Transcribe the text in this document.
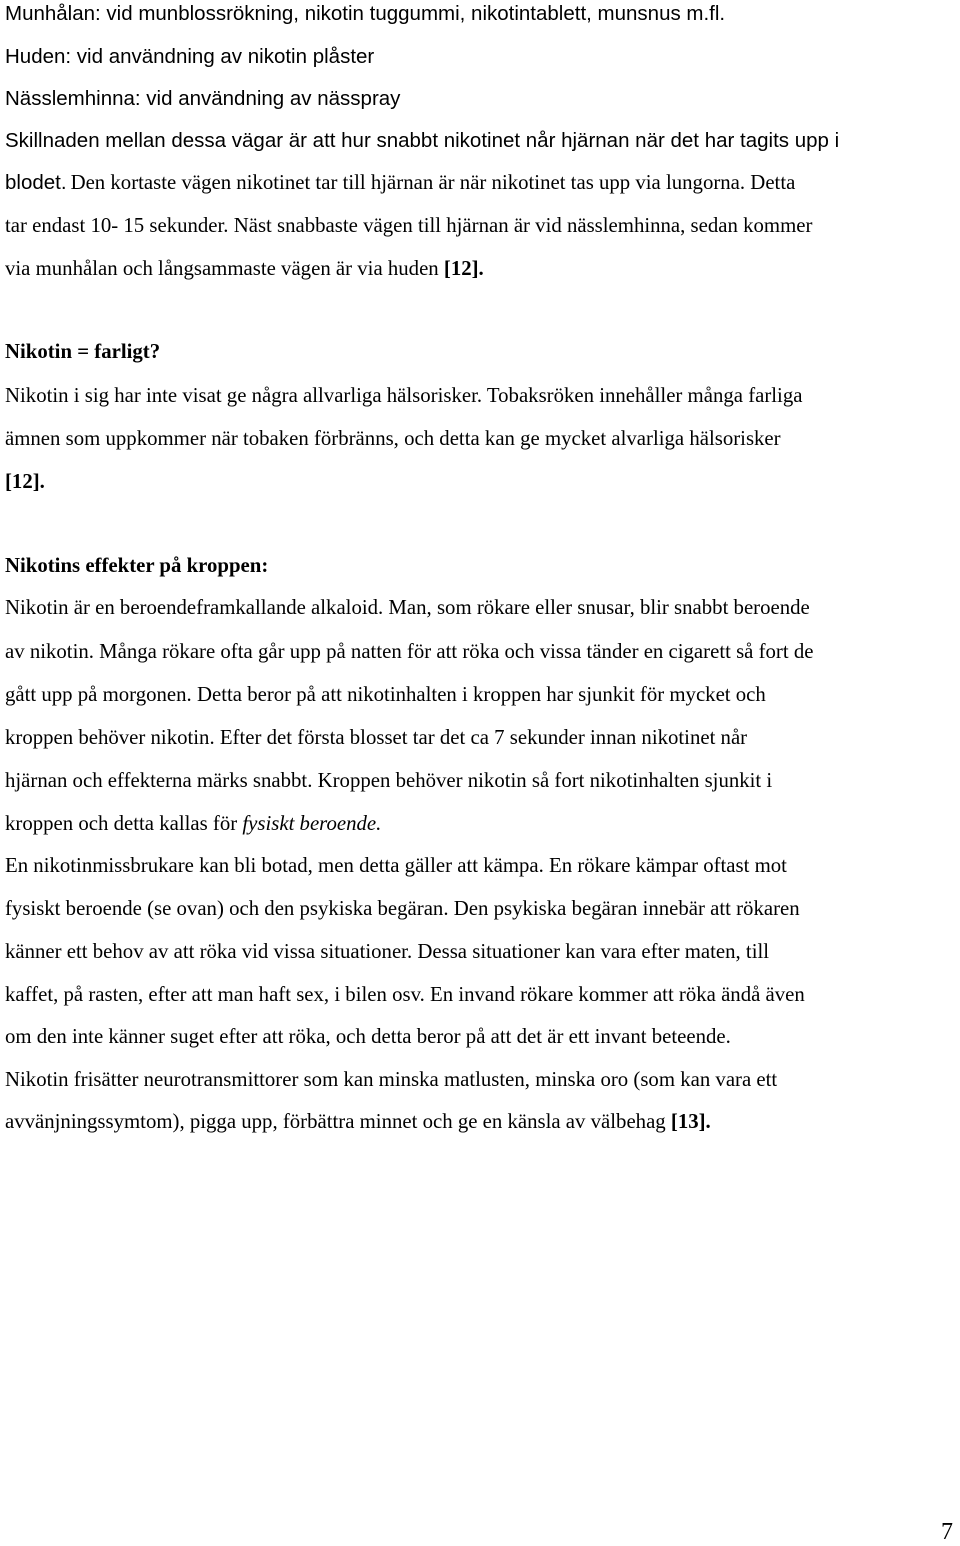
Munhålan: vid munblossrökning, nikotin tuggummi, nikotintablett, munsnus m.fl.
Huden: vid användning av nikotin plåster
Nässlemhinna: vid användning av nässpray
Skillnaden mellan dessa vägar är att hur snabbt nikotinet når hjärnan när det har tagits upp i
blodet. Den kortaste vägen nikotinet tar till hjärnan är när nikotinet tas upp via lungorna. Detta
tar endast 10- 15 sekunder. Näst snabbaste vägen till hjärnan är vid nässlemhinna, sedan kommer
via munhålan och långsammaste vägen är via huden [12].
Nikotin = farligt?
Nikotin i sig har inte visat ge några allvarliga hälsorisker. Tobaksröken innehåller många farliga
ämnen som uppkommer när tobaken förbränns, och detta kan ge mycket alvarliga hälsorisker
[12].
Nikotins effekter på kroppen:
Nikotin är en beroendeframkallande alkaloid. Man, som rökare eller snusar, blir snabbt beroende
av nikotin. Många rökare ofta går upp på natten för att röka och vissa tänder en cigarett så fort de
gått upp på morgonen. Detta beror på att nikotinhalten i kroppen har sjunkit för mycket och
kroppen behöver nikotin. Efter det första blosset tar det ca 7 sekunder innan nikotinet når
hjärnan och effekterna märks snabbt. Kroppen behöver nikotin så fort nikotinhalten sjunkit i
kroppen och detta kallas för fysiskt beroende.
En nikotinmissbrukare kan bli botad, men detta gäller att kämpa. En rökare kämpar oftast mot
fysiskt beroende (se ovan) och den psykiska begäran. Den psykiska begäran innebär att rökaren
känner ett behov av att röka vid vissa situationer. Dessa situationer kan vara efter maten, till
kaffet, på rasten, efter att man haft sex, i bilen osv. En invand rökare kommer att röka ändå även
om den inte känner suget efter att röka, och detta beror på att det är ett invant beteende.
Nikotin frisätter neurotransmittorer som kan minska matlusten, minska oro (som kan vara ett
avvänjningssymtom), pigga upp, förbättra minnet och ge en känsla av välbehag [13].
7
